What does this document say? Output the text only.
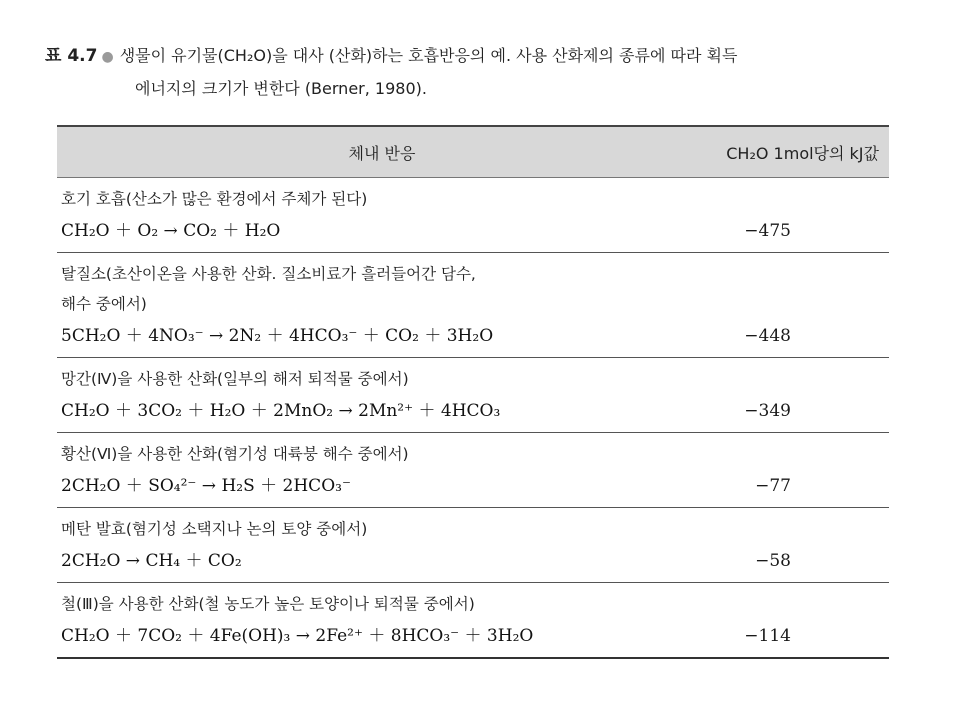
표 4.7 ● 생물이 유기물(CH₂O)을 대사 (산화)하는 호흡반응의 예. 사용 산화제의 종류에 따라 획득
에너지의 크기가 변한다 (Berner, 1980).
체내 반응	CH₂O 1mol당의 kJ값

호기 호흡(산소가 많은 환경에서 주체가 된다)
CH₂O ＋ O₂ → CO₂ ＋ H₂O	−475

탈질소(초산이온을 사용한 산화. 질소비료가 흘러들어간 담수,
해수 중에서)
5CH₂O ＋ 4NO₃⁻ → 2N₂ ＋ 4HCO₃⁻ ＋ CO₂ ＋ 3H₂O	−448

망간(Ⅳ)을 사용한 산화(일부의 해저 퇴적물 중에서)
CH₂O ＋ 3CO₂ ＋ H₂O ＋ 2MnO₂ → 2Mn²⁺ ＋ 4HCO₃	−349

황산(Ⅵ)을 사용한 산화(혐기성 대륙붕 해수 중에서)
2CH₂O ＋ SO₄²⁻ → H₂S ＋ 2HCO₃⁻	−77

메탄 발효(혐기성 소택지나 논의 토양 중에서)
2CH₂O → CH₄ ＋ CO₂	−58

철(Ⅲ)을 사용한 산화(철 농도가 높은 토양이나 퇴적물 중에서)
CH₂O ＋ 7CO₂ ＋ 4Fe(OH)₃ → 2Fe²⁺ ＋ 8HCO₃⁻ ＋ 3H₂O	−114
